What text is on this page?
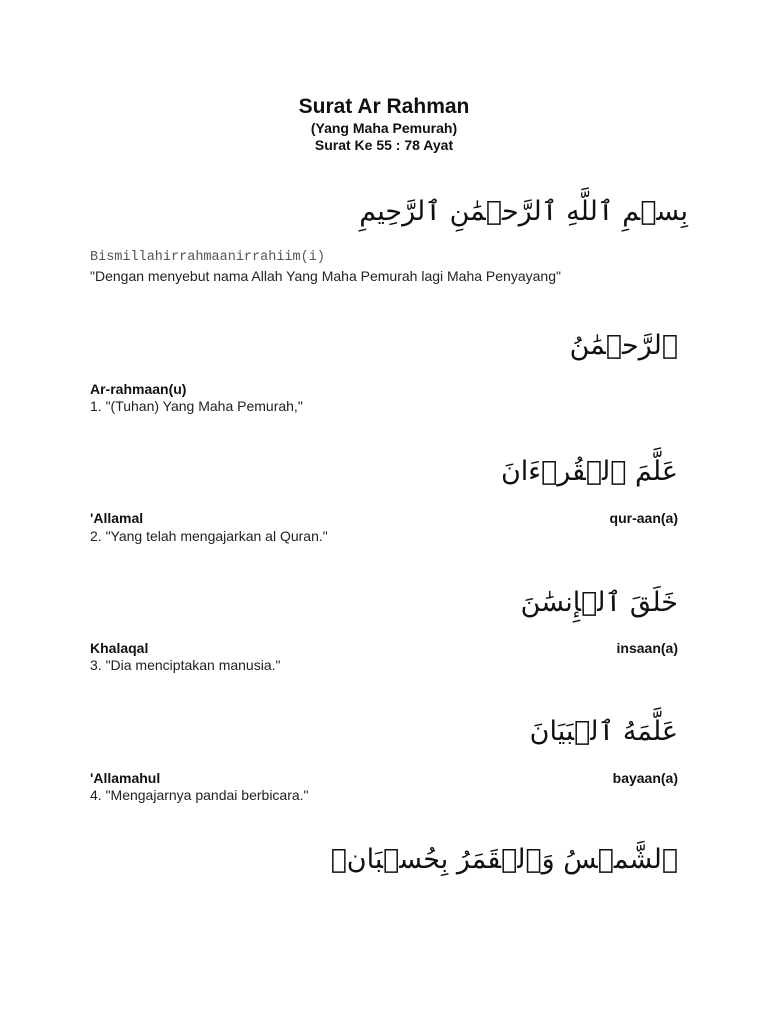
Surat Ar Rahman
(Yang Maha Pemurah)
Surat Ke 55 : 78 Ayat
بِسۡمِ ٱللَّهِ ٱلرَّحۡمَٰنِ ٱلرَّحِيمِ
Bismillahirrahmaanirrahiim(i)
"Dengan menyebut nama Allah Yang Maha Pemurah lagi Maha Penyayang"
ٱلرَّحۡمَٰنُ
Ar-rahmaan(u)
1. "(Tuhan) Yang Maha Pemurah,"
عَلَّمَ ٱلۡقُرۡءَانَ
'Allamal	qur-aan(a)
2. "Yang telah mengajarkan al Quran."
خَلَقَ ٱلۡإِنسَٰنَ
Khalaqal	insaan(a)
3. "Dia menciptakan manusia."
عَلَّمَهُ ٱلۡبَيَانَ
'Allamahul	bayaan(a)
4. "Mengajarnya pandai berbicara."
ٱلشَّمۡسُ وَٱلۡقَمَرُ بِحُسۡبَانٖ
